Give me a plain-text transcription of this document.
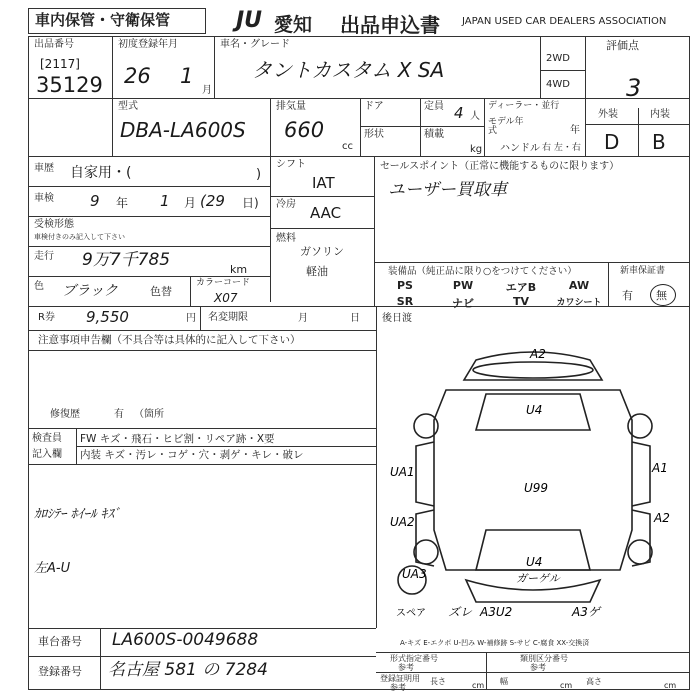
車内保管・守衛保管	JU 愛知 出品申込書 JAPAN USED CAR DEALERS ASSOCIATION
出品番号
[2117]
35129
初度登録年月
26 1
月
車名・グレード
タントカスタム X SA	2WD
4WD
評価点
3
型式
DBA-LA600S
排気量
660
cc
ドア
形状
定員 4 人
積載
kg
ディーラー・並行
モデル年式	年
ハンドル 右 左・右
外装	内装
D B
車歴 自家用・(	)
車検 9 年 1 月 (29 日)
受検形態
車検付きのみ記入して下さい
走行 9万7千785	km
色 ブラック	色替
カラーコード
X07
シフト
IAT
冷房 AAC
燃料
ガソリン
軽油
セールスポイント（正常に機能するものに限ります）
ユーザー買取車
装備品（純正品に限り○をつけてください）
PS	PW	エアB	AW
SR	ナビ	TV	カワシート
新車保証書
有 無
R券 9,550	円 名変期限	月	日 後日渡
注意事項申告欄（不具合等は具体的に記入して下さい）
修復歴	有 （箇所
検査員
記入欄
FW キズ・飛石・ヒビ割・リペア跡・X要
内装 キズ・汚レ・コゲ・穴・剥ゲ・キレ・破レ
ｶﾛｼﾃｰ ﾎｲｰﾙ ｷｽﾞ
左A-U
A2
U4
UA1	A1
U99
UA2	A2
UA3
U4
ガーゲル
スペア ズレ A3U2	A3ゲ
A-キズ E-エクボ U-凹み W-補修跡 S-サビ C-腐食 XX-交換済
車台番号 LA600S-0049688
登録番号 名古屋 581 の 7284
形式指定番号
参考
類別区分番号
参考
登録証明用
参考
長さ	cm 幅	cm 高さ	cm
